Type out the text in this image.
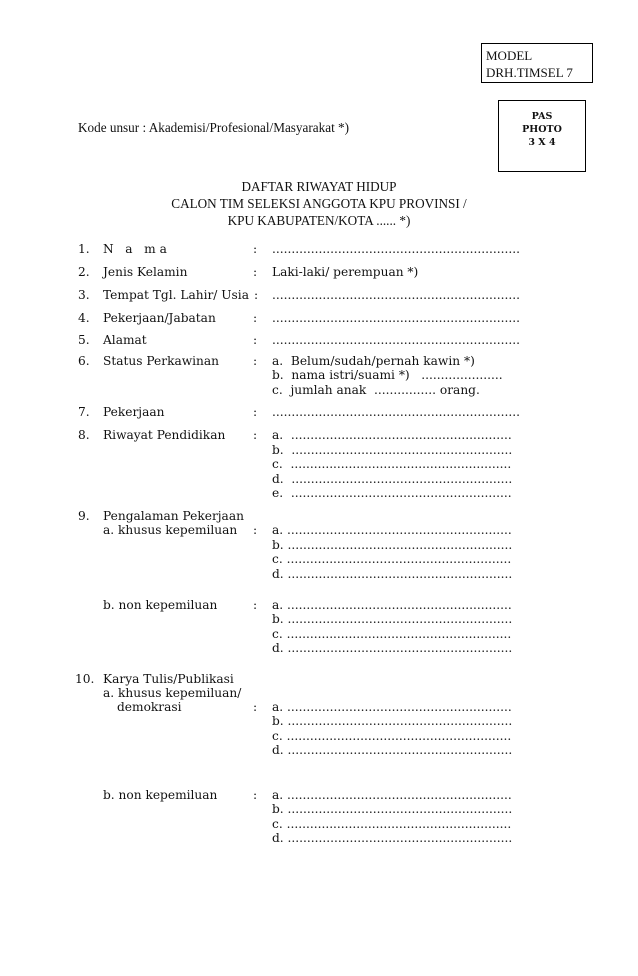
MODEL
DRH.TIMSEL 7
PAS
PHOTO
3 X 4
Kode unsur : Akademisi/Profesional/Masyarakat *)
DAFTAR RIWAYAT HIDUP
CALON TIM SELEKSI ANGGOTA KPU PROVINSI /
KPU KABUPATEN/KOTA ...... *)
1. N   a   m a	: ................................................................
2. Jenis Kelamin	: Laki-laki/ perempuan *)
3. Tempat Tgl. Lahir/ Usia : ................................................................
4. Pekerjaan/Jabatan	: ................................................................
5. Alamat	: ................................................................
6. Status Perkawinan	: a.  Belum/sudah/pernah kawin *)
b.  nama istri/suami *)   .....................
c.  jumlah anak  ................ orang.
7. Pekerjaan	: ................................................................
8. Riwayat Pendidikan : a.  .........................................................
b.  .........................................................
c.  .........................................................
d.  .........................................................
e.  .........................................................
9. Pengalaman Pekerjaan
a. khusus kepemiluan : a. ..........................................................
b. ..........................................................
c. ..........................................................
d. ..........................................................
b. non kepemiluan	: a. ..........................................................
b. ..........................................................
c. ..........................................................
d. ..........................................................
10. Karya Tulis/Publikasi
a. khusus kepemiluan/
demokrasi	: a. ..........................................................
b. ..........................................................
c. ..........................................................
d. ..........................................................
b. non kepemiluan	: a. ..........................................................
b. ..........................................................
c. ..........................................................
d. ..........................................................
